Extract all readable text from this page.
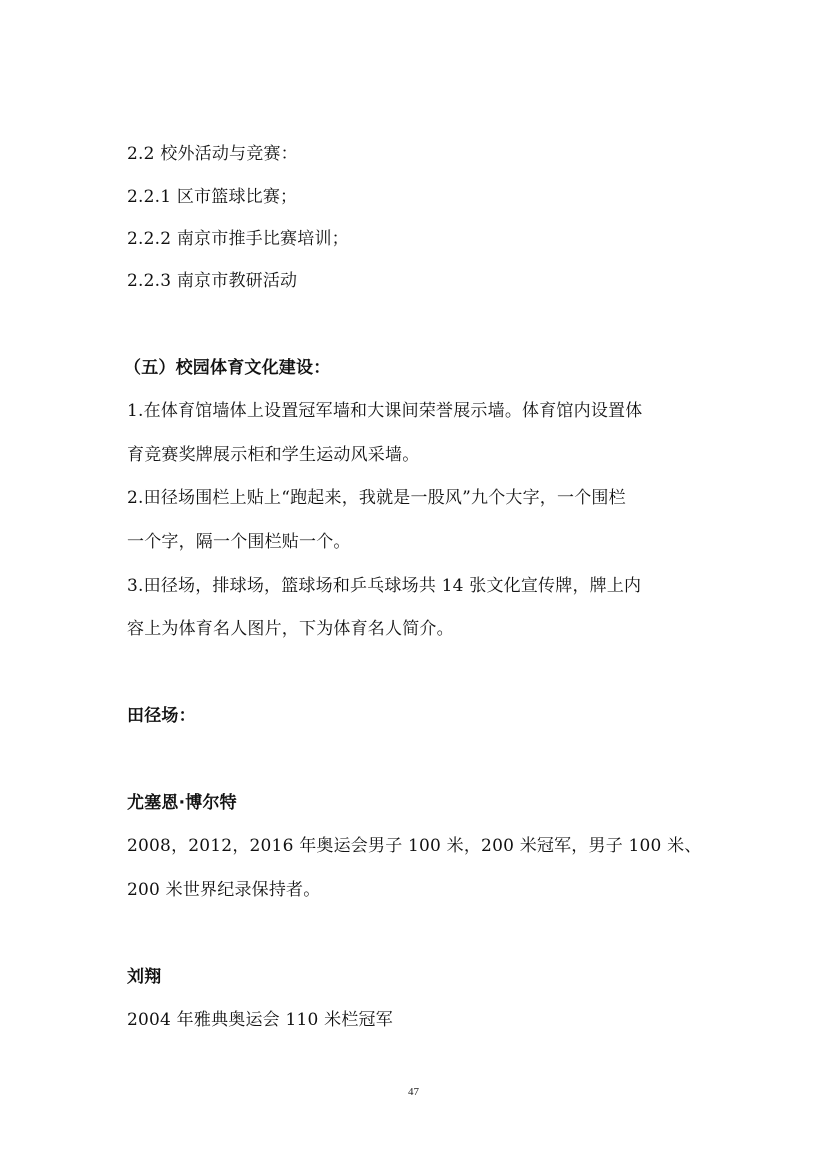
2.2 校外活动与竞赛：
2.2.1 区市篮球比赛；
2.2.2 南京市推手比赛培训；
2.2.3 南京市教研活动
（五）校园体育文化建设：
1.在体育馆墙体上设置冠军墙和大课间荣誉展示墙。体育馆内设置体
育竞赛奖牌展示柜和学生运动风采墙。
2.田径场围栏上贴上“跑起来，我就是一股风”九个大字，一个围栏
一个字，隔一个围栏贴一个。
3.田径场，排球场，篮球场和乒乓球场共 14 张文化宣传牌，牌上内
容上为体育名人图片，下为体育名人简介。
田径场：
尤塞恩·博尔特
2008，2012，2016 年奥运会男子 100 米，200 米冠军，男子 100 米、
200 米世界纪录保持者。
刘翔
2004 年雅典奥运会 110 米栏冠军
47
